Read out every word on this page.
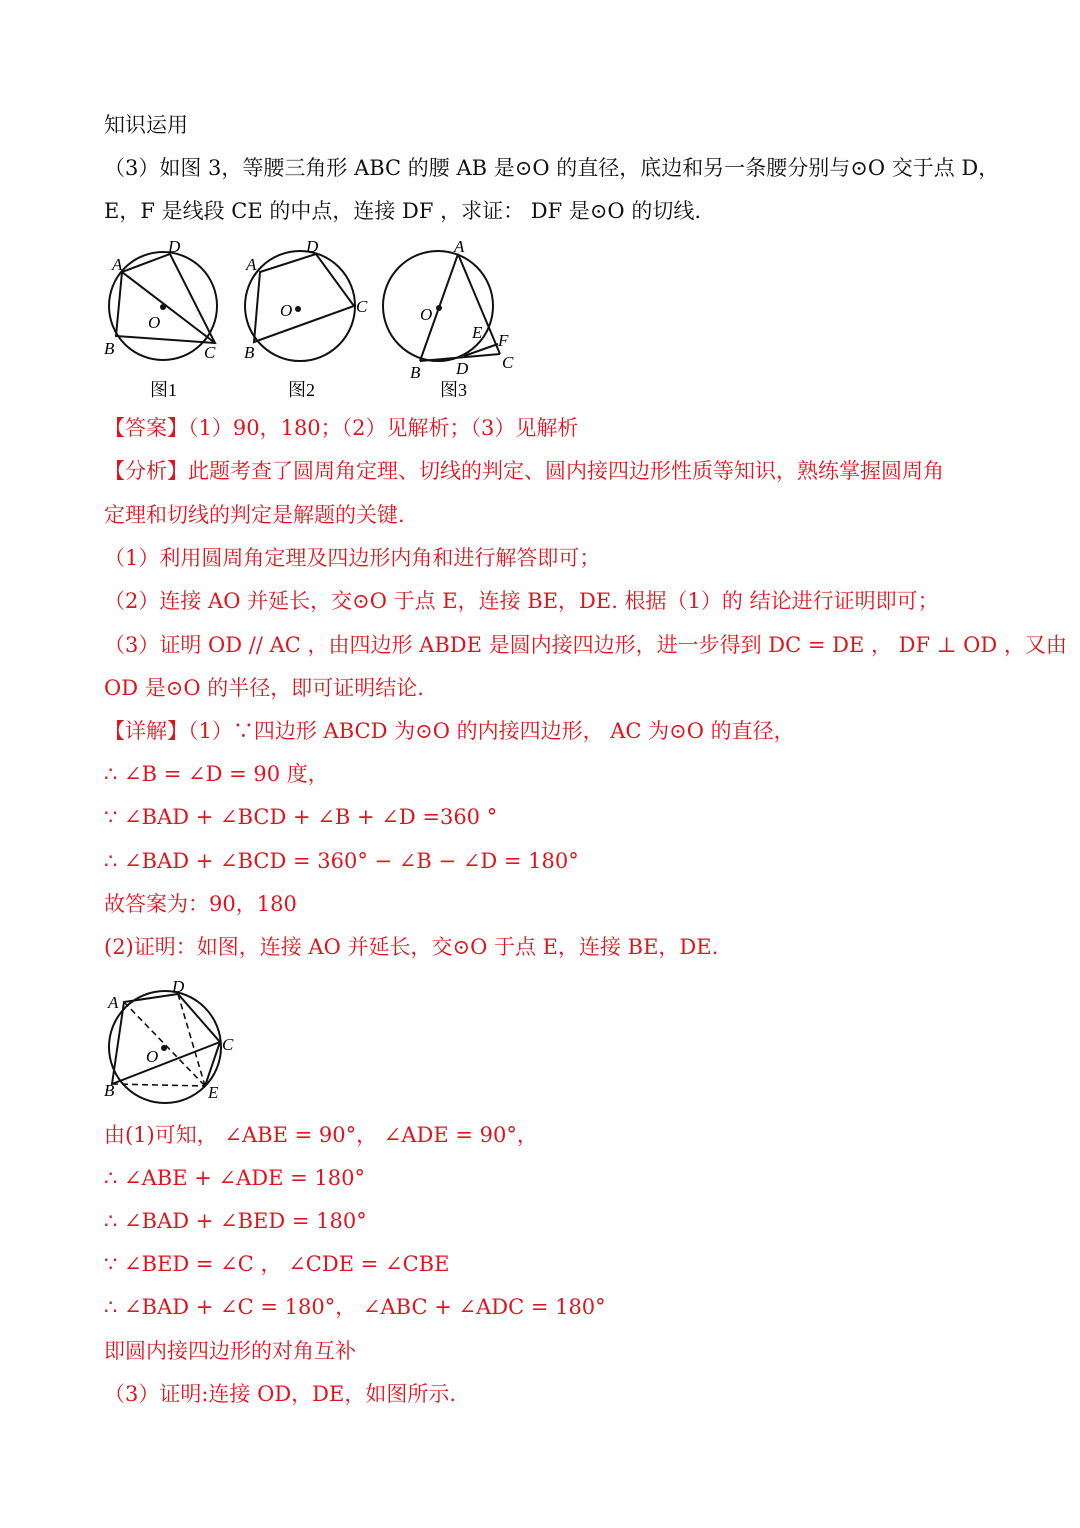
知识运用
（3）如图 3，等腰三角形 ABC 的腰 AB 是⊙O 的直径，底边和另一条腰分别与⊙O 交于点 D，
E，F 是线段 CE 的中点，连接 DF ，求证： DF 是⊙O 的切线.
A
B	C
D
O
图1
A
B
C
D
O
图2
A
B
C
D
E F
O
图3
【答案】（1）90，180；（2）见解析；（3）见解析
【分析】此题考查了圆周角定理、切线的判定、圆内接四边形性质等知识，熟练掌握圆周角
定理和切线的判定是解题的关键.
（1）利用圆周角定理及四边形内角和进行解答即可；
（2）连接 AO 并延长，交⊙O 于点 E，连接 BE，DE. 根据（1）的 结论进行证明即可；
（3）证明 OD // AC ，由四边形 ABDE 是圆内接四边形，进一步得到 DC = DE ， DF ⊥ OD ，又由
OD 是⊙O 的半径，即可证明结论.
【详解】（1）∵四边形 ABCD 为⊙O 的内接四边形， AC 为⊙O 的直径，
∴ ∠B = ∠D = 90 度，
∵ ∠BAD + ∠BCD + ∠B + ∠D =360 °
∴ ∠BAD + ∠BCD = 360° − ∠B − ∠D = 180°
故答案为：90，180
(2)证明：如图，连接 AO 并延长，交⊙O 于点 E，连接 BE，DE.
A
B
C
D
E
O
由(1)可知， ∠ABE = 90°， ∠ADE = 90°，
∴ ∠ABE + ∠ADE = 180°
∴ ∠BAD + ∠BED = 180°
∵ ∠BED = ∠C ， ∠CDE = ∠CBE
∴ ∠BAD + ∠C = 180°， ∠ABC + ∠ADC = 180°
即圆内接四边形的对角互补
（3）证明:连接 OD，DE，如图所示.
